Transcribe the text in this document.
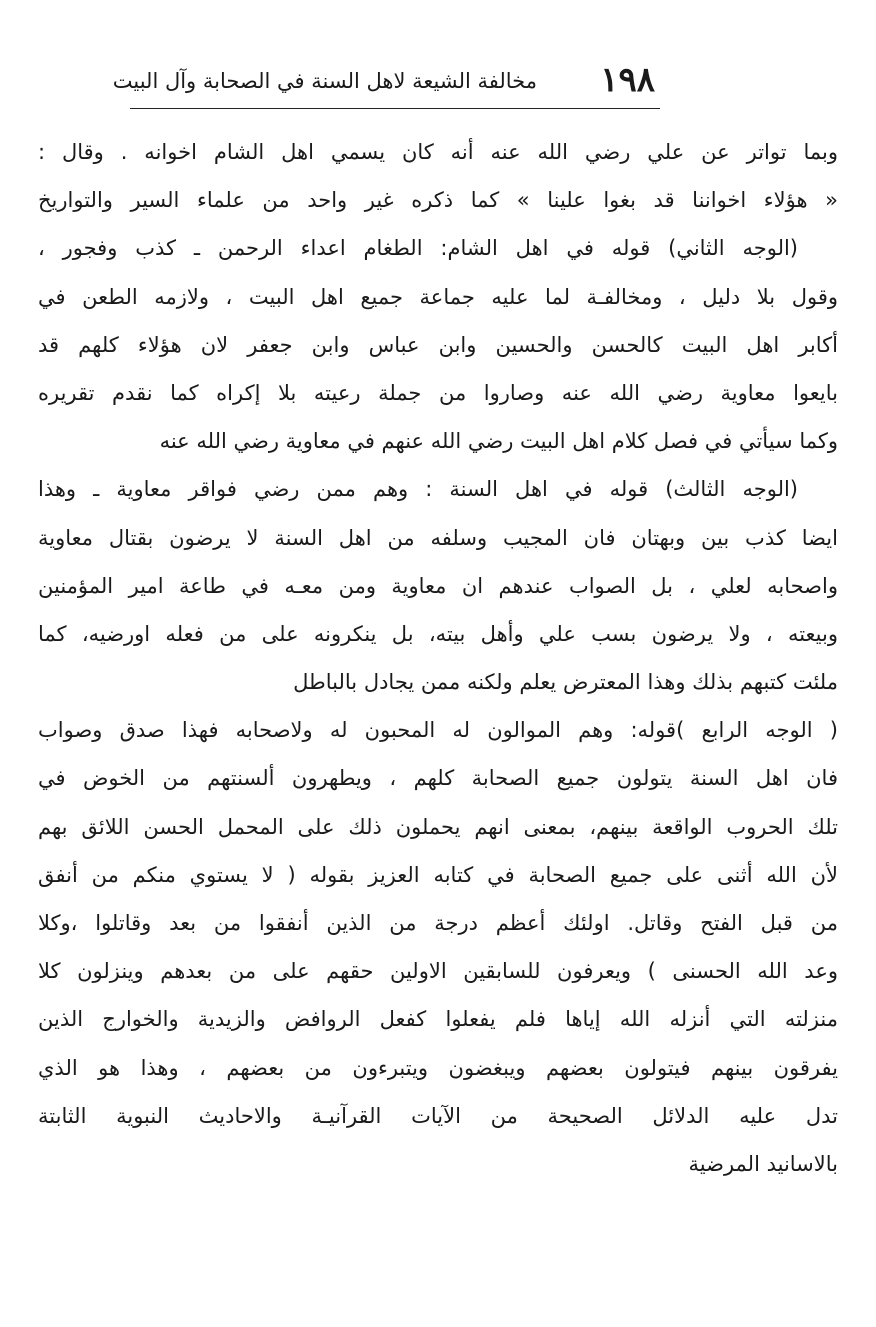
١٩٨
مخالفة الشيعة لاهل السنة في الصحابة وآل البيت
وبما تواتر عن علي رضي الله عنه أنه كان يسمي اهل الشام اخوانه . وقال :
« هؤلاء اخواننا قد بغوا علينا » كما ذكره غير واحد من علماء السير والتواريخ
(الوجه الثاني) قوله في اهل الشام: الطغام اعداء الرحمن ـ كذب وفجور ،
وقول بلا دليل ، ومخالفـة لما عليه جماعة جميع اهل البيت ، ولازمه الطعن في
أكابر اهل البيت كالحسن والحسين وابن عباس وابن جعفر لان هؤلاء كلهم قد
بايعوا معاوية رضي الله عنه وصاروا من جملة رعيته بلا إكراه كما نقدم تقريره
وكما سيأتي في فصل كلام اهل البيت رضي الله عنهم في معاوية رضي الله عنه
(الوجه الثالث) قوله في اهل السنة : وهم ممن رضي فواقر معاوية ـ وهذا
ايضا كذب بين وبهتان فان المجيب وسلفه من اهل السنة لا يرضون بقتال معاوية
واصحابه لعلي ، بل الصواب عندهم ان معاوية ومن معـه في طاعة امير المؤمنين
وبيعته ، ولا يرضون بسب علي وأهل بيته، بل ينكرونه على من فعله اورضيه، كما
ملئت كتبهم بذلك وهذا المعترض يعلم ولكنه ممن يجادل بالباطل
( الوجه الرابع )قوله: وهم الموالون له المحبون له ولاصحابه فهذا صدق وصواب
فان اهل السنة يتولون جميع الصحابة كلهم ، ويطهرون ألسنتهم من الخوض في
تلك الحروب الواقعة بينهم، بمعنى انهم يحملون ذلك على المحمل الحسن اللائق بهم
لأن الله أثنى على جميع الصحابة في كتابه العزيز بقوله ( لا يستوي منكم من أنفق
من قبل الفتح وقاتل. اولئك أعظم درجة من الذين أنفقوا من بعد وقاتلوا ،وكلا
وعد الله الحسنى ) ويعرفون للسابقين الاولين حقهم على من بعدهم وينزلون كلا
منزلته التي أنزله الله إياها فلم يفعلوا كفعل الروافض والزيدية والخوارج الذين
يفرقون بينهم فيتولون بعضهم ويبغضون ويتبرءون من بعضهم ، وهذا هو الذي
تدل عليه الدلائل الصحيحة من الآيات القرآنيـة والاحاديث النبوية الثابتة
بالاسانيد المرضية
